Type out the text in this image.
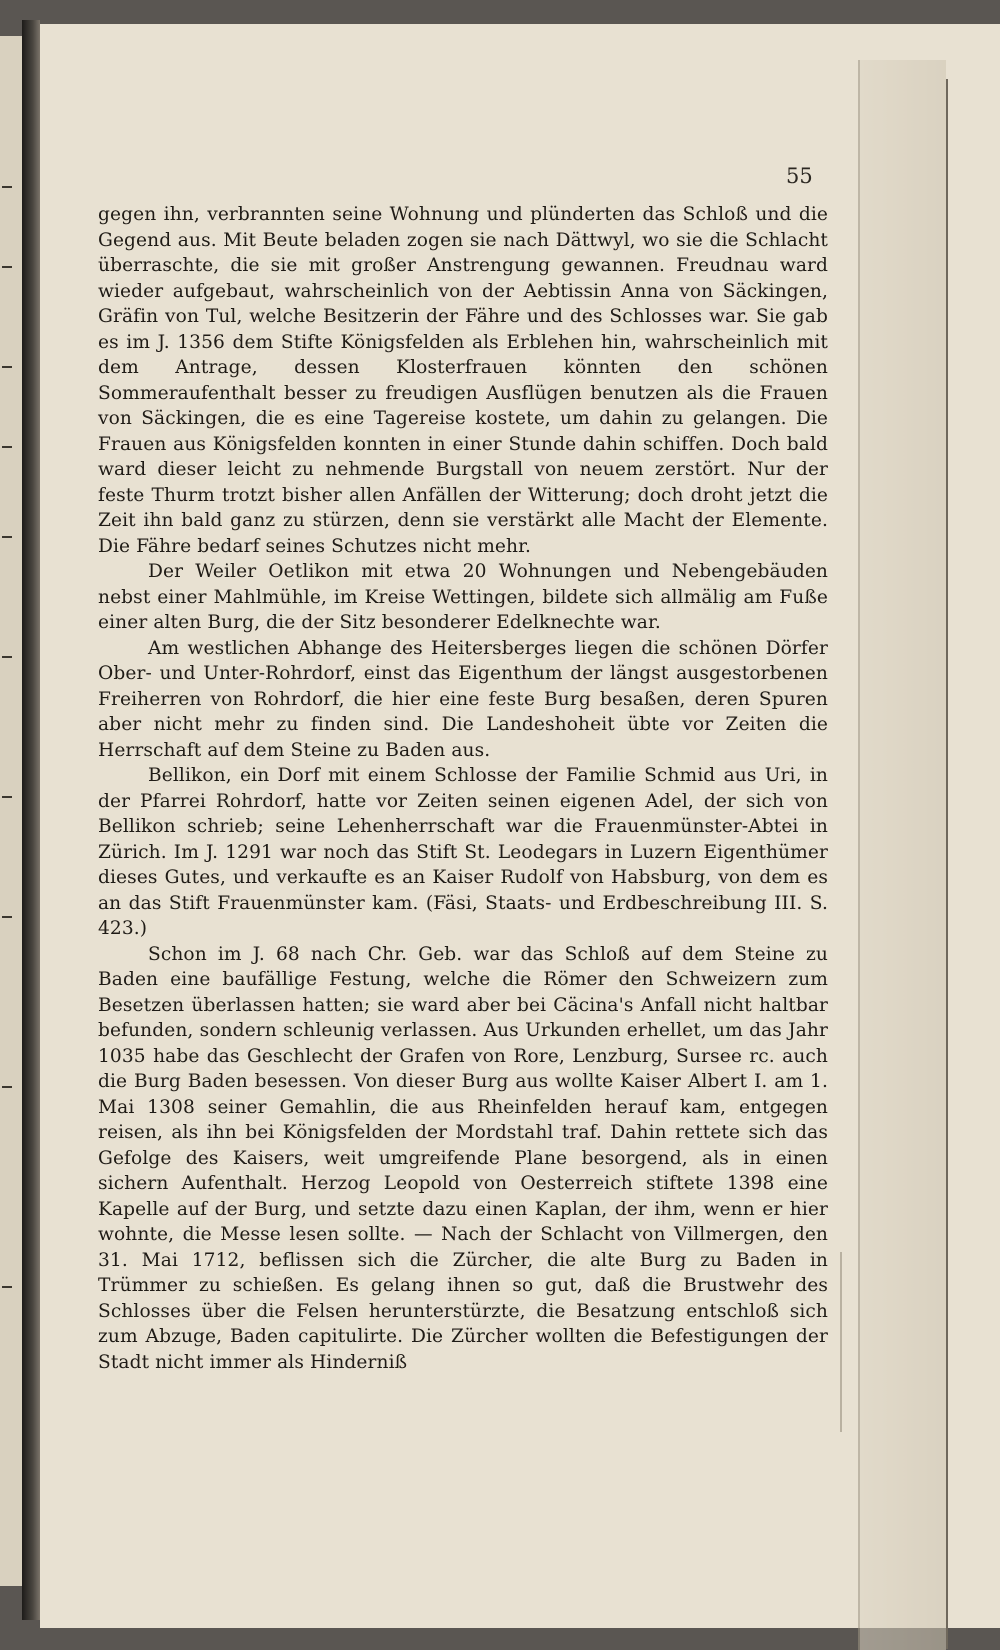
55

gegen ihn, verbrannten seine Wohnung und plünderten das Schloß und die Gegend aus. Mit Beute beladen zogen sie nach Dättwyl, wo sie die Schlacht überraschte, die sie mit großer Anstrengung gewannen. Freudnau ward wieder aufgebaut, wahrscheinlich von der Aebtissin Anna von Säckingen, Gräfin von Tul, welche Besitzerin der Fähre und des Schlosses war. Sie gab es im J. 1356 dem Stifte Königsfelden als Erblehen hin, wahrscheinlich mit dem Antrage, dessen Klosterfrauen könnten den schönen Sommeraufenthalt besser zu freudigen Ausflügen benutzen als die Frauen von Säckingen, die es eine Tagereise kostete, um dahin zu gelangen. Die Frauen aus Königsfelden konnten in einer Stunde dahin schiffen. Doch bald ward dieser leicht zu nehmende Burgstall von neuem zerstört. Nur der feste Thurm trotzt bisher allen Anfällen der Witterung; doch droht jetzt die Zeit ihn bald ganz zu stürzen, denn sie verstärkt alle Macht der Elemente. Die Fähre bedarf seines Schutzes nicht mehr.

Der Weiler Oetlikon mit etwa 20 Wohnungen und Nebengebäuden nebst einer Mahlmühle, im Kreise Wettingen, bildete sich allmälig am Fuße einer alten Burg, die der Sitz besonderer Edelknechte war.

Am westlichen Abhange des Heitersberges liegen die schönen Dörfer Ober- und Unter-Rohrdorf, einst das Eigenthum der längst ausgestorbenen Freiherren von Rohrdorf, die hier eine feste Burg besaßen, deren Spuren aber nicht mehr zu finden sind. Die Landeshoheit übte vor Zeiten die Herrschaft auf dem Steine zu Baden aus.

Bellikon, ein Dorf mit einem Schlosse der Familie Schmid aus Uri, in der Pfarrei Rohrdorf, hatte vor Zeiten seinen eigenen Adel, der sich von Bellikon schrieb; seine Lehenherrschaft war die Frauenmünster-Abtei in Zürich. Im J. 1291 war noch das Stift St. Leodegars in Luzern Eigenthümer dieses Gutes, und verkaufte es an Kaiser Rudolf von Habsburg, von dem es an das Stift Frauenmünster kam. (Fäsi, Staats- und Erdbeschreibung III. S. 423.)

Schon im J. 68 nach Chr. Geb. war das Schloß auf dem Steine zu Baden eine baufällige Festung, welche die Römer den Schweizern zum Besetzen überlassen hatten; sie ward aber bei Cäcina's Anfall nicht haltbar befunden, sondern schleunig verlassen. Aus Urkunden erhellet, um das Jahr 1035 habe das Geschlecht der Grafen von Rore, Lenzburg, Sursee rc. auch die Burg Baden besessen. Von dieser Burg aus wollte Kaiser Albert I. am 1. Mai 1308 seiner Gemahlin, die aus Rheinfelden herauf kam, entgegen reisen, als ihn bei Königsfelden der Mordstahl traf. Dahin rettete sich das Gefolge des Kaisers, weit umgreifende Plane besorgend, als in einen sichern Aufenthalt. Herzog Leopold von Oesterreich stiftete 1398 eine Kapelle auf der Burg, und setzte dazu einen Kaplan, der ihm, wenn er hier wohnte, die Messe lesen sollte. — Nach der Schlacht von Villmergen, den 31. Mai 1712, beflissen sich die Zürcher, die alte Burg zu Baden in Trümmer zu schießen. Es gelang ihnen so gut, daß die Brustwehr des Schlosses über die Felsen herunterstürzte, die Besatzung entschloß sich zum Abzuge, Baden capitulirte. Die Zürcher wollten die Befestigungen der Stadt nicht immer als Hinderniß
